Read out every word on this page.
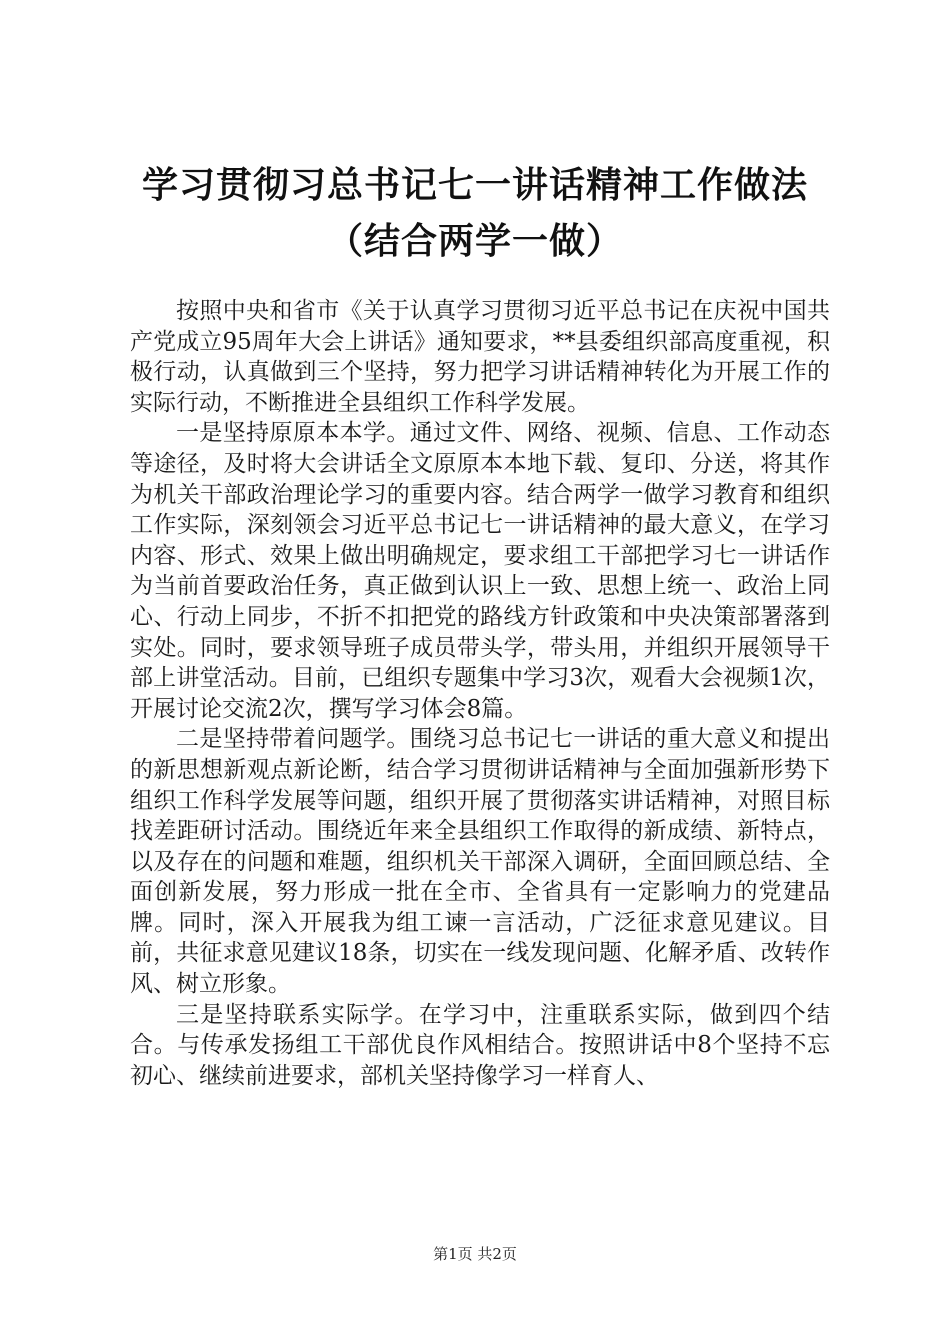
学习贯彻习总书记七一讲话精神工作做法（结合两学一做）

按照中央和省市《关于认真学习贯彻习近平总书记在庆祝中国共产党成立95周年大会上讲话》通知要求，**县委组织部高度重视，积极行动，认真做到三个坚持，努力把学习讲话精神转化为开展工作的实际行动，不断推进全县组织工作科学发展。

一是坚持原原本本学。通过文件、网络、视频、信息、工作动态等途径，及时将大会讲话全文原原本本地下载、复印、分送，将其作为机关干部政治理论学习的重要内容。结合两学一做学习教育和组织工作实际，深刻领会习近平总书记七一讲话精神的最大意义，在学习内容、形式、效果上做出明确规定，要求组工干部把学习七一讲话作为当前首要政治任务，真正做到认识上一致、思想上统一、政治上同心、行动上同步，不折不扣把党的路线方针政策和中央决策部署落到实处。同时，要求领导班子成员带头学，带头用，并组织开展领导干部上讲堂活动。目前，已组织专题集中学习3次，观看大会视频1次，开展讨论交流2次，撰写学习体会8篇。

二是坚持带着问题学。围绕习总书记七一讲话的重大意义和提出的新思想新观点新论断，结合学习贯彻讲话精神与全面加强新形势下组织工作科学发展等问题，组织开展了贯彻落实讲话精神，对照目标找差距研讨活动。围绕近年来全县组织工作取得的新成绩、新特点，以及存在的问题和难题，组织机关干部深入调研，全面回顾总结、全面创新发展，努力形成一批在全市、全省具有一定影响力的党建品牌。同时，深入开展我为组工谏一言活动，广泛征求意见建议。目前，共征求意见建议18条，切实在一线发现问题、化解矛盾、改转作风、树立形象。

三是坚持联系实际学。在学习中，注重联系实际，做到四个结合。与传承发扬组工干部优良作风相结合。按照讲话中8个坚持不忘初心、继续前进要求，部机关坚持像学习一样育人、

第1页 共2页
